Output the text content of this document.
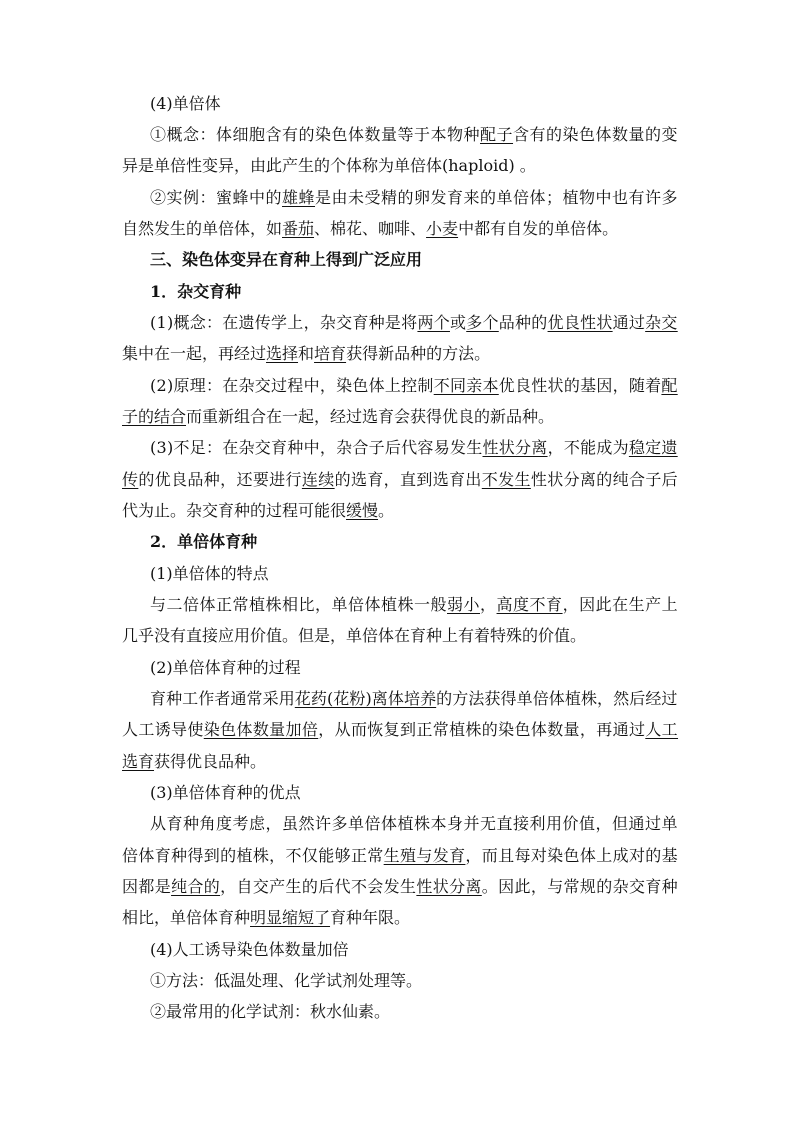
(4)单倍体
①概念：体细胞含有的染色体数量等于本物种配子含有的染色体数量的变
异是单倍性变异，由此产生的个体称为单倍体(haploid) 。
②实例：蜜蜂中的雄蜂是由未受精的卵发育来的单倍体；植物中也有许多
自然发生的单倍体，如番茄、棉花、咖啡、小麦中都有自发的单倍体。
三、染色体变异在育种上得到广泛应用
1．杂交育种
(1)概念：在遗传学上，杂交育种是将两个或多个品种的优良性状通过杂交
集中在一起，再经过选择和培育获得新品种的方法。
(2)原理：在杂交过程中，染色体上控制不同亲本优良性状的基因，随着配
子的结合而重新组合在一起，经过选育会获得优良的新品种。
(3)不足：在杂交育种中，杂合子后代容易发生性状分离，不能成为稳定遗
传的优良品种，还要进行连续的选育，直到选育出不发生性状分离的纯合子后
代为止。杂交育种的过程可能很缓慢。
2．单倍体育种
(1)单倍体的特点
与二倍体正常植株相比，单倍体植株一般弱小，高度不育，因此在生产上
几乎没有直接应用价值。但是，单倍体在育种上有着特殊的价值。
(2)单倍体育种的过程
育种工作者通常采用花药(花粉)离体培养的方法获得单倍体植株，然后经过
人工诱导使染色体数量加倍，从而恢复到正常植株的染色体数量，再通过人工
选育获得优良品种。
(3)单倍体育种的优点
从育种角度考虑，虽然许多单倍体植株本身并无直接利用价值，但通过单
倍体育种得到的植株，不仅能够正常生殖与发育，而且每对染色体上成对的基
因都是纯合的，自交产生的后代不会发生性状分离。因此，与常规的杂交育种
相比，单倍体育种明显缩短了育种年限。
(4)人工诱导染色体数量加倍
①方法：低温处理、化学试剂处理等。
②最常用的化学试剂：秋水仙素。
